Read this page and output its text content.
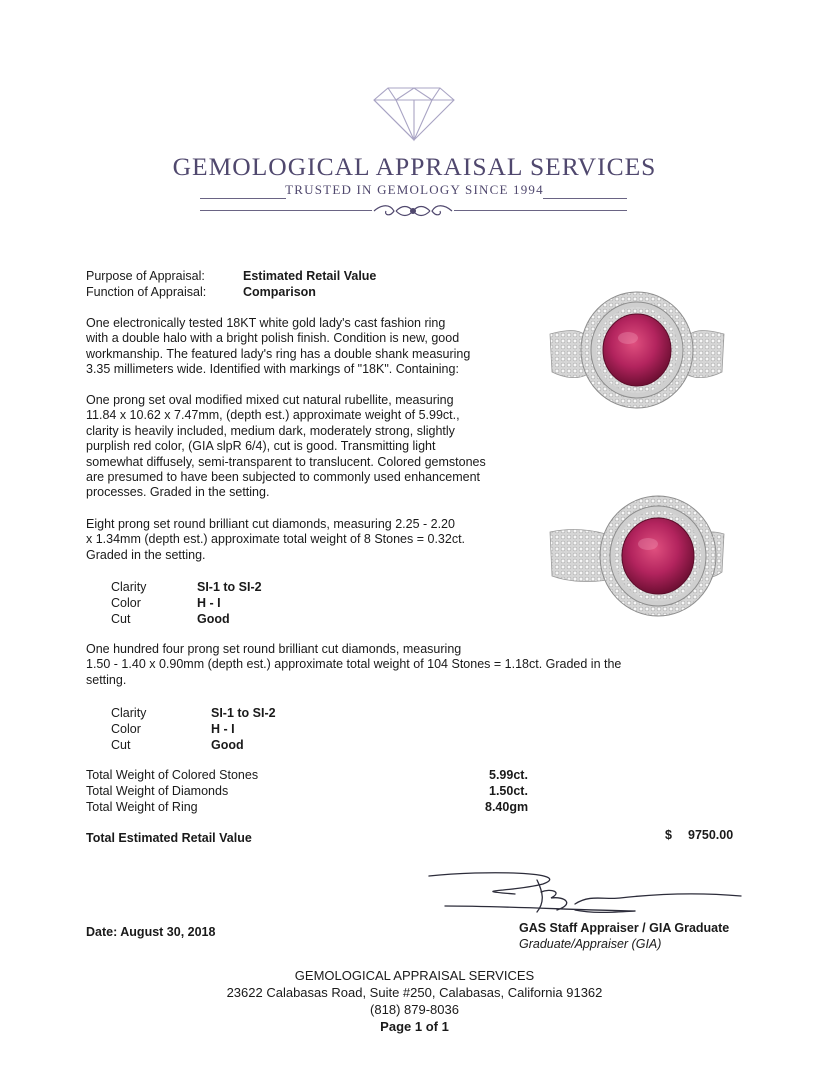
GEMOLOGICAL APPRAISAL SERVICES
TRUSTED IN GEMOLOGY SINCE 1994
Purpose of Appraisal:	Estimated Retail Value
Function of Appraisal:	Comparison

One electronically tested 18KT white gold lady's cast fashion ring

with a double halo with a bright polish finish. Condition is new, good

workmanship. The featured lady's ring has a double shank measuring

3.35 millimeters wide. Identified with markings of "18K". Containing:

One prong set oval modified mixed cut natural rubellite, measuring

11.84 x 10.62 x 7.47mm, (depth est.) approximate weight of 5.99ct.,

clarity is heavily included, medium dark, moderately strong, slightly

purplish red color, (GIA slpR 6/4), cut is good. Transmitting light

somewhat diffusely, semi-transparent to translucent. Colored gemstones

are presumed to have been subjected to commonly used enhancement

processes. Graded in the setting.

Eight prong set round brilliant cut diamonds, measuring 2.25 - 2.20

x 1.34mm (depth est.) approximate total weight of 8 Stones = 0.32ct.

Graded in the setting.

Clarity	SI-1 to SI-2
Color	H - I
Cut	Good

One hundred four prong set round brilliant cut diamonds, measuring

1.50 - 1.40 x 0.90mm (depth est.) approximate total weight of 104 Stones = 1.18ct. Graded in the

setting.

Clarity	SI-1 to SI-2
Color	H - I
Cut	Good
Total Weight of Colored Stones	5.99ct.
Total Weight of Diamonds	1.50ct.
Total Weight of Ring	8.40gm
Total Estimated Retail Value	$ 9750.00
Date: August 30, 2018	GAS Staff Appraiser / GIA Graduate
Graduate/Appraiser (GIA)
GEMOLOGICAL APPRAISAL SERVICES
23622 Calabasas Road, Suite #250, Calabasas, California 91362
(818) 879-8036
Page 1 of 1
